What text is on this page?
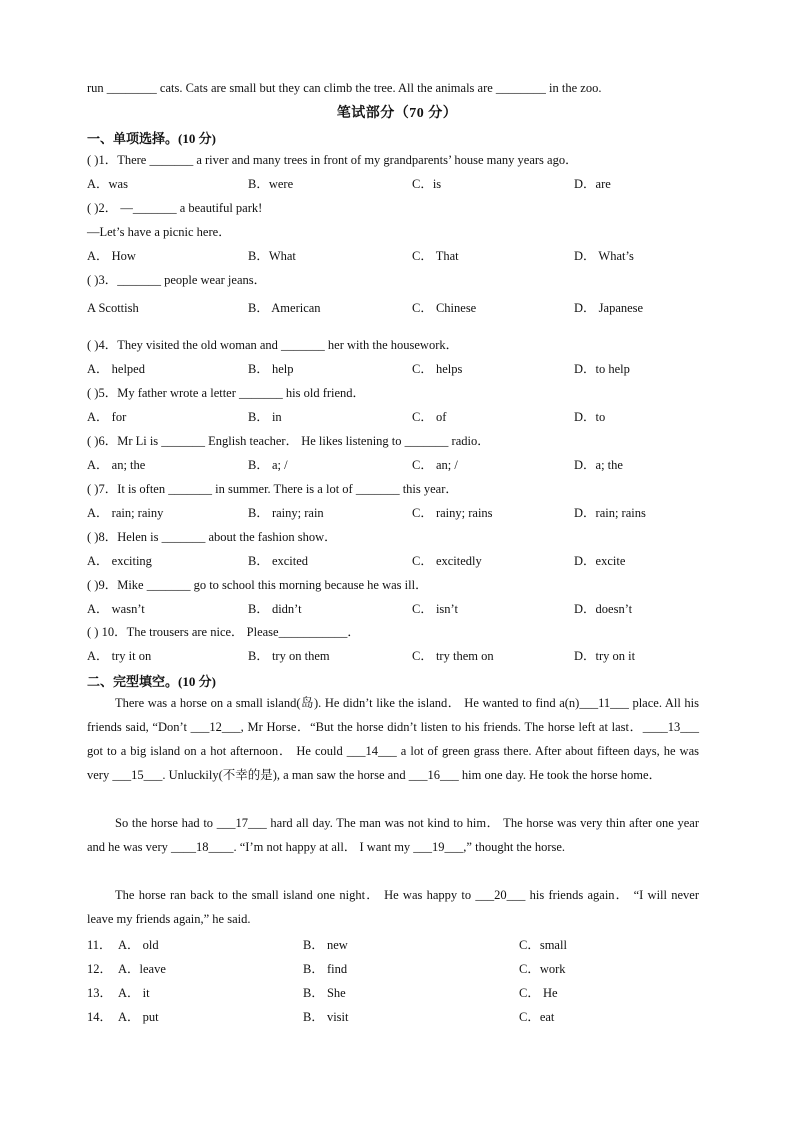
run ________ cats. Cats are small but they can climb the tree. All the animals are ________ in the zoo.
笔试部分（70 分）
一、单项选择。(10 分)
( )1．There _______ a river and many trees in front of my grandparents’ house many years ago．
A．was	B．were	C．is	D．are
( )2． —_______ a beautiful park!
—Let’s have a picnic here．
A． How	B．What	C． That	D． What’s
( )3．_______ people wear jeans．
A Scottish	B． American	C． Chinese	D． Japanese
( )4．They visited the old woman and _______ her with the housework．
A． helped	B． help	C． helps	D．to help
( )5．My father wrote a letter _______ his old friend．
A． for	B． in	C． of	D．to
( )6．Mr Li is _______ English teacher． He likes listening to _______ radio．
A． an; the	B． a; /	C． an; /	D．a; the
( )7．It is often _______ in summer. There is a lot of _______ this year．
A． rain; rainy	B． rainy; rain	C． rainy; rains	D．rain; rains
( )8．Helen is _______ about the fashion show．
A． exciting	B． excited	C． excitedly	D．excite
( )9．Mike _______ go to school this morning because he was ill．
A． wasn’t	B． didn’t	C． isn’t	D．doesn’t
( ) 10．The trousers are nice． Please___________．
A． try it on	B． try on them	C． try them on	D．try on it
二、完型填空。(10 分)
There was a horse on a small island(岛). He didn’t like the island． He wanted to find a(n)___11___ place. All his friends said, “Don’t ___12___, Mr Horse．“But the horse didn’t listen to his friends. The horse left at last．____13___ got to a big island on a hot afternoon． He could ___14___ a lot of green grass there. After about fifteen days, he was very ___15___. Unluckily(不幸的是), a man saw the horse and ___16___ him one day. He took the horse home．
So the horse had to ___17___ hard all day. The man was not kind to him． The horse was very thin after one year and he was very ____18____. “I’m not happy at all． I want my ___19___,” thought the horse.
The horse ran back to the small island one night． He was happy to ___20___ his friends again． “I will never leave my friends again,” he said.
11． A． old	B． new	C．small
12． A．leave	B． find	C．work
13． A． it	B． She	C． He
14． A． put	B． visit	C．eat
